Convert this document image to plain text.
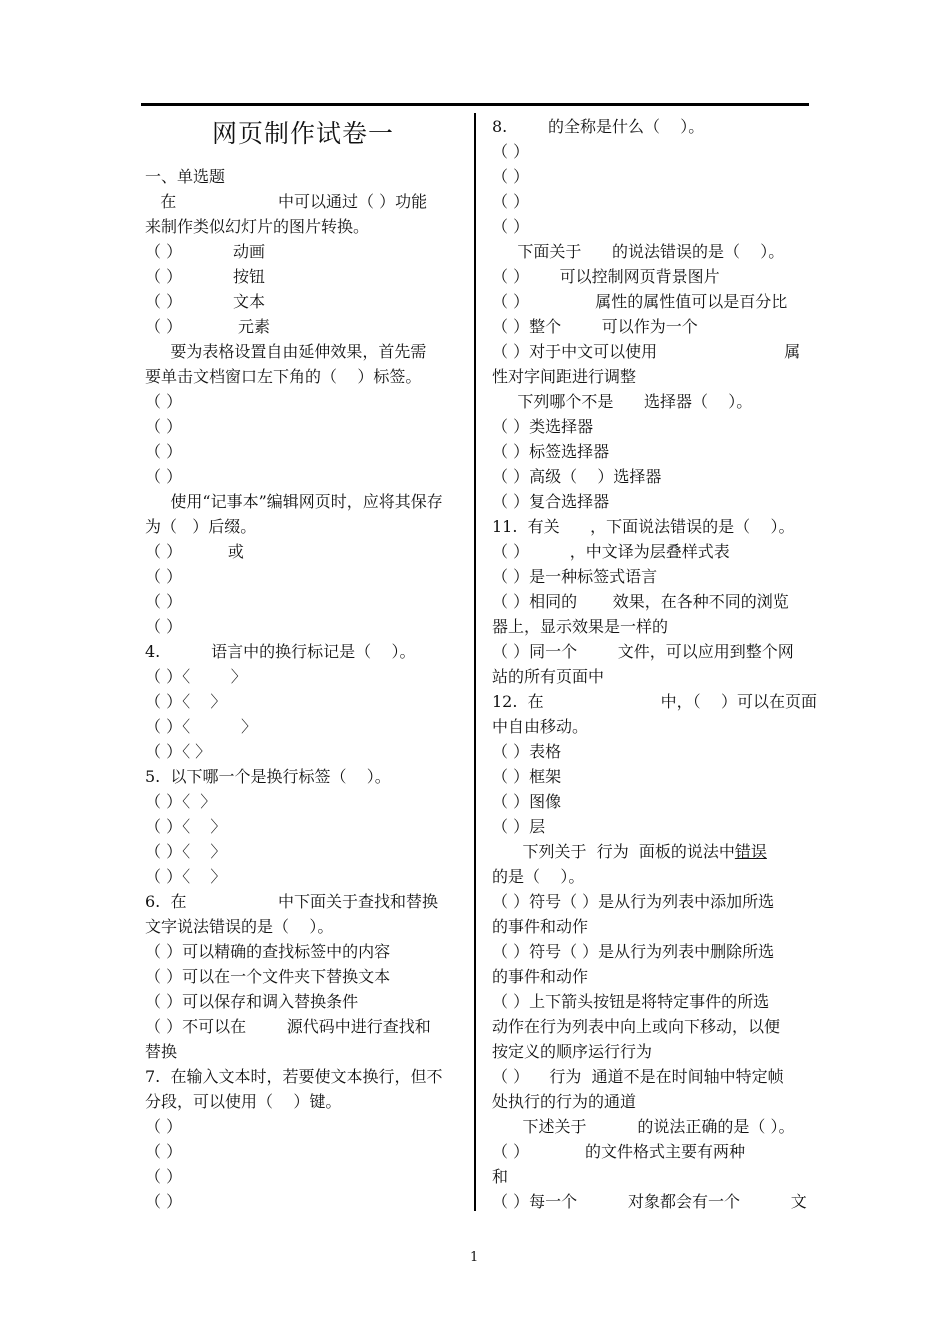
网页制作试卷一
一、单选题
在                    中可以通过（ ）功能
来制作类似幻灯片的图片转换。
（ ）          动画
（ ）          按钮
（ ）          文本
（ ）           元素
要为表格设置自由延伸效果，首先需
要单击文档窗口左下角的（    ）标签。
（ ）
（ ）
（ ）
（ ）
使用“记事本”编辑网页时，应将其保存
为（   ）后缀。
（ ）         或
（ ）
（ ）
（ ）
4.          语言中的换行标记是（    ）。
（ ）〈        〉
（ ）〈    〉
（ ）〈          〉
（ ）〈 〉
5.  以下哪一个是换行标签（    ）。
（ ）〈  〉
（ ）〈    〉
（ ）〈    〉
（ ）〈    〉
6.  在                  中下面关于查找和替换
文字说法错误的是（    ）。
（ ）可以精确的查找标签中的内容
（ ）可以在一个文件夹下替换文本
（ ）可以保存和调入替换条件
（ ）不可以在        源代码中进行查找和
替换
7.  在输入文本时，若要使文本换行，但不
分段，可以使用（    ）键。
（ ）
（ ）
（ ）
（ ）
8.        的全称是什么（    ）。
（ ）
（ ）
（ ）
（ ）
下面关于      的说法错误的是（    ）。
（ ）      可以控制网页背景图片
（ ）             属性的属性值可以是百分比
（ ）整个        可以作为一个
（ ）对于中文可以使用                         属
性对字间距进行调整
下列哪个不是      选择器（    ）。
（ ）类选择器
（ ）标签选择器
（ ）高级（    ）选择器
（ ）复合选择器
11.  有关      ，下面说法错误的是（    ）。
（ ）        ，中文译为层叠样式表
（ ）是一种标签式语言
（ ）相同的       效果，在各种不同的浏览
器上，显示效果是一样的
（ ）同一个        文件，可以应用到整个网
站的所有页面中
12.  在                       中，（    ）可以在页面
中自由移动。
（ ）表格
（ ）框架
（ ）图像
（ ）层
下列关于  行为  面板的说法中错误
的是（    ）。
（ ）符号（ ）是从行为列表中添加所选
的事件和动作
（ ）符号（ ）是从行为列表中删除所选
的事件和动作
（ ）上下箭头按钮是将特定事件的所选
动作在行为列表中向上或向下移动，以便
按定义的顺序运行行为
（ ）    行为  通道不是在时间轴中特定帧
处执行的行为的通道
下述关于          的说法正确的是（ ）。
（ ）           的文件格式主要有两种
和
（ ）每一个          对象都会有一个          文
1
